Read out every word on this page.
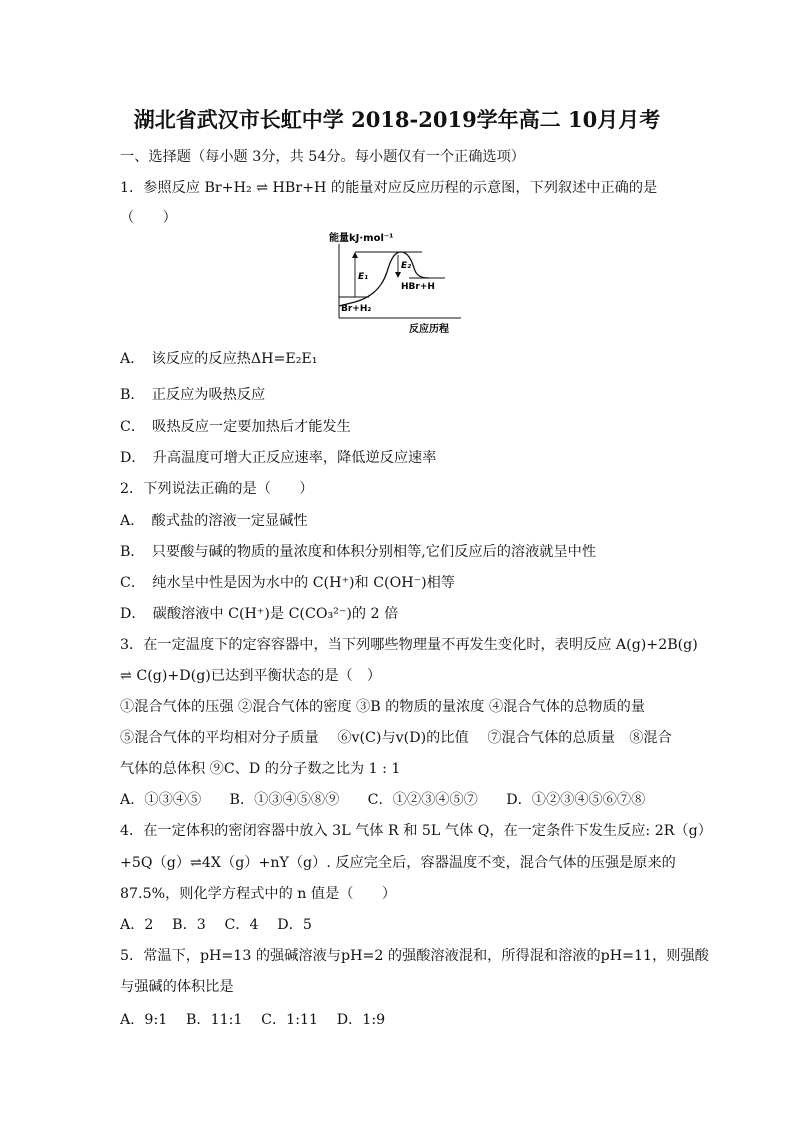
湖北省武汉市长虹中学 2018-2019学年高二 10月月考
一、选择题（每小题 3分，共 54分。每小题仅有一个正确选项）
1．参照反应 Br+H₂ ⇌ HBr+H 的能量对应反应历程的示意图，下列叙述中正确的是
（　　）
能量kJ·mol⁻¹
E₁
E₂
HBr+H
Br+H₂
反应历程
A．　该反应的反应热ΔH=E₂E₁
B．　正反应为吸热反应
C．　吸热反应一定要加热后才能发生
D．　升高温度可增大正反应速率，降低逆反应速率
2．下列说法正确的是（　　）
A．　酸式盐的溶液一定显碱性
B．　只要酸与碱的物质的量浓度和体积分别相等,它们反应后的溶液就呈中性
C．　纯水呈中性是因为水中的 C(H⁺)和 C(OH⁻)相等
D．　碳酸溶液中 C(H⁺)是 C(CO₃²⁻)的 2 倍
3．在一定温度下的定容容器中，当下列哪些物理量不再发生变化时，表明反应 A(g)+2B(g)
⇌ C(g)+D(g)已达到平衡状态的是（　）
①混合气体的压强 ②混合气体的密度 ③B 的物质的量浓度 ④混合气体的总物质的量
⑤混合气体的平均相对分子质量　 ⑥v(C)与v(D)的比值　 ⑦混合气体的总质量　⑧混合
气体的总体积 ⑨C、D 的分子数之比为 1 : 1
A．①③④⑤　　B．①③④⑤⑧⑨　　C．①②③④⑤⑦　　D．①②③④⑤⑥⑦⑧
4．在一定体积的密闭容器中放入 3L 气体 R 和 5L 气体 Q，在一定条件下发生反应: 2R（g）
+5Q（g）⇌4X（g）+nY（g）. 反应完全后，容器温度不变，混合气体的压强是原来的
87.5%，则化学方程式中的 n 值是（　　）
A．2　 B．3　 C．4　 D．5
5．常温下，pH=13 的强碱溶液与pH=2 的强酸溶液混和，所得混和溶液的pH=11，则强酸
与强碱的体积比是
A．9:1　 B．11:1　 C．1:11　 D．1:9
